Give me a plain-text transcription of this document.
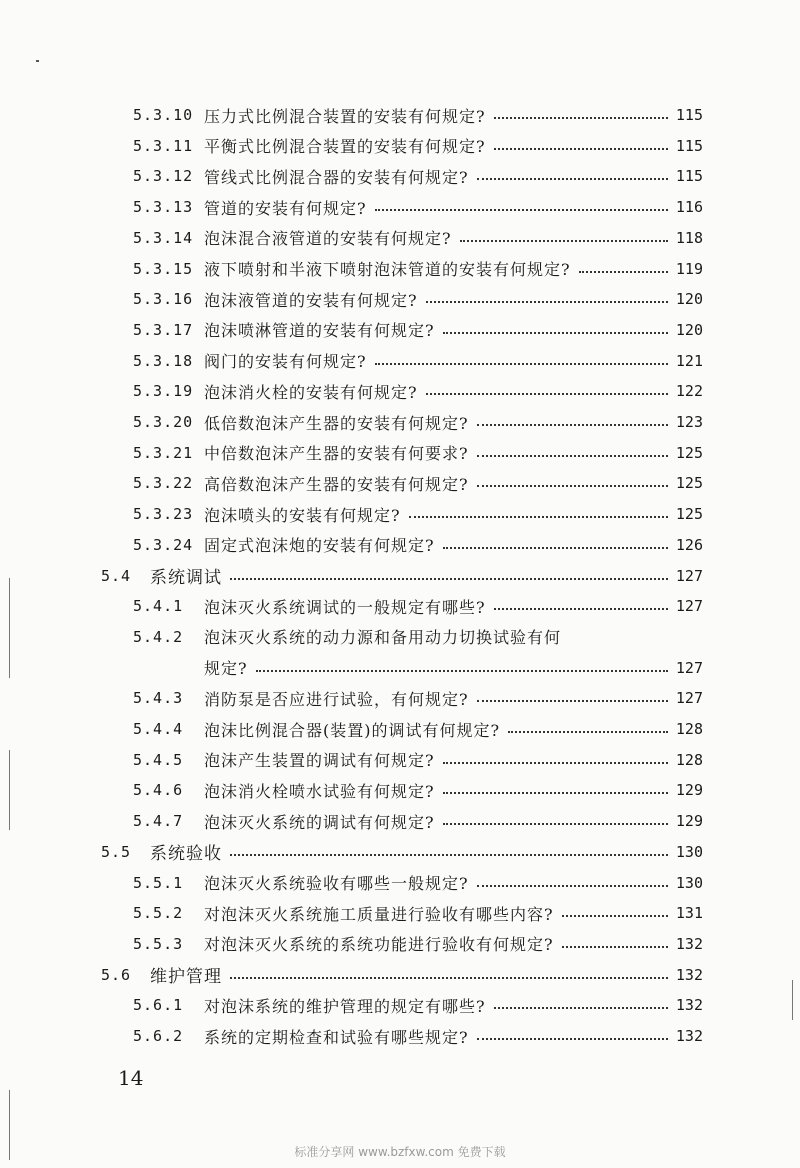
5.3.10 压力式比例混合装置的安装有何规定?	115
5.3.11 平衡式比例混合装置的安装有何规定?	115
5.3.12 管线式比例混合器的安装有何规定?	115
5.3.13 管道的安装有何规定?	116
5.3.14 泡沫混合液管道的安装有何规定?	118
5.3.15 液下喷射和半液下喷射泡沫管道的安装有何规定?	119
5.3.16 泡沫液管道的安装有何规定?	120
5.3.17 泡沫喷淋管道的安装有何规定?	120
5.3.18 阀门的安装有何规定?	121
5.3.19 泡沫消火栓的安装有何规定?	122
5.3.20 低倍数泡沫产生器的安装有何规定?	123
5.3.21 中倍数泡沫产生器的安装有何要求?	125
5.3.22 高倍数泡沫产生器的安装有何规定?	125
5.3.23 泡沫喷头的安装有何规定?	125
5.3.24 固定式泡沫炮的安装有何规定?	126
5.4	系统调试	127
5.4.1	泡沫灭火系统调试的一般规定有哪些?	127
5.4.2	泡沫灭火系统的动力源和备用动力切换试验有何
规定?	127
5.4.3	消防泵是否应进行试验，有何规定?	127
5.4.4	泡沫比例混合器(装置)的调试有何规定?	128
5.4.5	泡沫产生装置的调试有何规定?	128
5.4.6	泡沫消火栓喷水试验有何规定?	129
5.4.7	泡沫灭火系统的调试有何规定?	129
5.5	系统验收	130
5.5.1	泡沫灭火系统验收有哪些一般规定?	130
5.5.2	对泡沫灭火系统施工质量进行验收有哪些内容?	131
5.5.3	对泡沫灭火系统的系统功能进行验收有何规定?	132
5.6	维护管理	132
5.6.1	对泡沫系统的维护管理的规定有哪些?	132
5.6.2	系统的定期检查和试验有哪些规定?	132
14
标准分享网 www.bzfxw.com 免费下载
